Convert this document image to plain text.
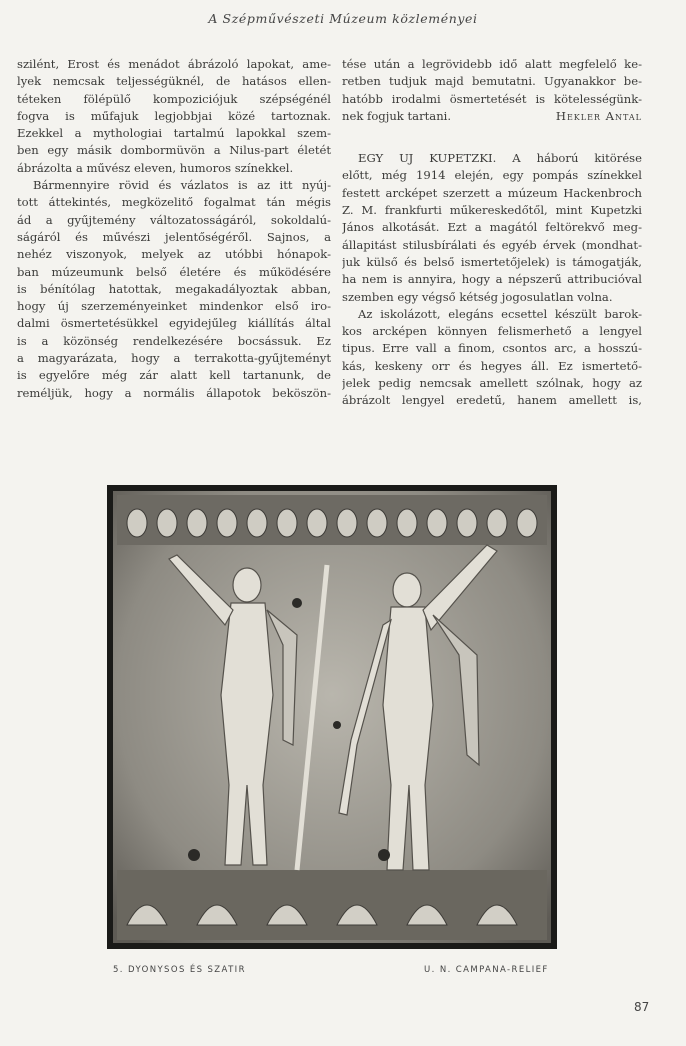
A Szépművészeti Múzeum közleményei
szilént, Erost és menádot ábrázoló lapokat, ame-
lyek nemcsak teljességüknél, de hatásos ellen-
téteken fölépülő kompoziciójuk szépségénél
fogva is műfajuk legjobbjai közé tartoznak.
Ezekkel a mythologiai tartalmú lapokkal szem-
ben egy másik dombormüvön a Nilus-part életét
ábrázolta a művész eleven, humoros színekkel.
Bármennyire rövid és vázlatos is az itt nyúj-
tott áttekintés, megközelitő fogalmat tán mégis
ád a gyűjtemény változatosságáról, sokoldalú-
ságáról és művészi jelentőségéről. Sajnos, a
nehéz viszonyok, melyek az utóbbi hónapok-
ban múzeumunk belső életére és működésére
is bénítólag hatottak, megakadályoztak abban,
hogy új szerzeményeinket mindenkor első iro-
dalmi ösmertetésükkel egyidejűleg kiállítás által
is a közönség rendelkezésére bocsássuk. Ez
a magyarázata, hogy a terrakotta-gyűjteményt
is egyelőre még zár alatt kell tartanunk, de
reméljük, hogy a normális állapotok beköszön-
tése után a legrövidebb idő alatt megfelelő ke-
retben tudjuk majd bemutatni. Ugyanakkor be-
hatóbb irodalmi ösmertetését is kötelességünk-
nek fogjuk tartani.	Hekler Antal
EGY UJ KUPETZKI. A háború kitörése
előtt, még 1914 elején, egy pompás színekkel
festett arcképet szerzett a múzeum Hackenbroch
Z. M. frankfurti műkereskedőtől, mint Kupetzki
János alkotását. Ezt a magától feltörekvő meg-
állapitást stilusbírálati és egyéb érvek (mondhat-
juk külső és belső ismertetőjelek) is támogatják,
ha nem is annyira, hogy a népszerű attribucióval
szemben egy végső kétség jogosulatlan volna.
Az iskolázott, elegáns ecsettel készült barok-
kos arcképen könnyen felismerhető a lengyel
tipus. Erre vall a finom, csontos arc, a hosszú-
kás, keskeny orr és hegyes áll. Ez ismertető-
jelek pedig nemcsak amellett szólnak, hogy az
ábrázolt lengyel eredetű, hanem amellett is,
5. DYONYSOS ÉS SZATIR	U. N. CAMPANA-RELIEF
87
